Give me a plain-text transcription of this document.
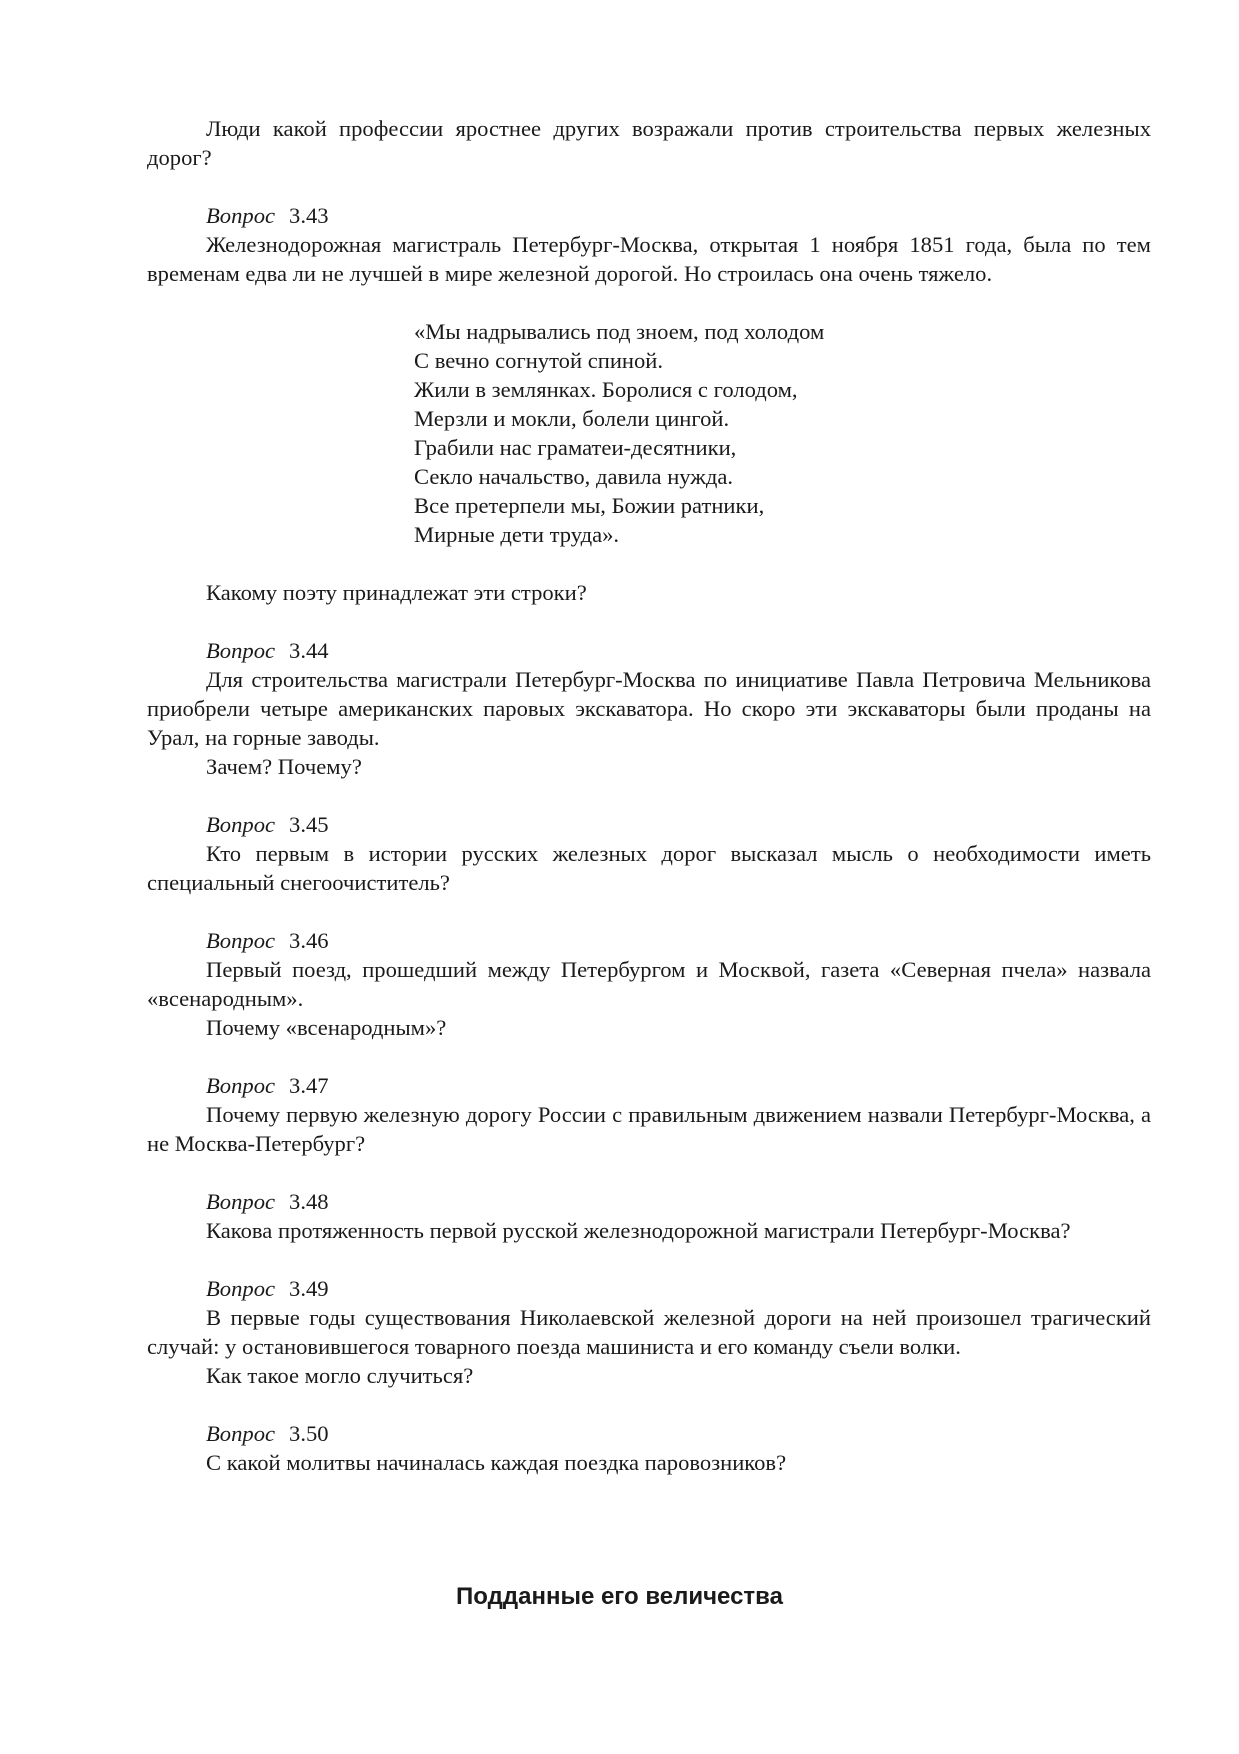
Люди какой профессии яростнее других возражали против строительства первых железных дорог?

Вопрос 3.43

Железнодорожная магистраль Петербург-Москва, открытая 1 ноября 1851 года, была по тем временам едва ли не лучшей в мире железной дорогой. Но строилась она очень тяжело.

«Мы надрывались под зноем, под холодом

С вечно согнутой спиной.

Жили в землянках. Боролися с голодом,

Мерзли и мокли, болели цингой.

Грабили нас граматеи-десятники,

Секло начальство, давила нужда.

Все претерпели мы, Божии ратники,

Мирные дети труда».

Какому поэту принадлежат эти строки?

Вопрос 3.44

Для строительства магистрали Петербург-Москва по инициативе Павла Петровича Мельникова приобрели четыре американских паровых экскаватора. Но скоро эти экскаваторы были проданы на Урал, на горные заводы.

Зачем? Почему?

Вопрос 3.45

Кто первым в истории русских железных дорог высказал мысль о необходимости иметь специальный снегоочиститель?

Вопрос 3.46

Первый поезд, прошедший между Петербургом и Москвой, газета «Северная пчела» назвала «всенародным».

Почему «всенародным»?

Вопрос 3.47

Почему первую железную дорогу России с правильным движением назвали Петербург-Москва, а не Москва-Петербург?

Вопрос 3.48

Какова протяженность первой русской железнодорожной магистрали Петербург-Москва?

Вопрос 3.49

В первые годы существования Николаевской железной дороги на ней произошел трагический случай: у остановившегося товарного поезда машиниста и его команду съели волки.

Как такое могло случиться?

Вопрос 3.50

С какой молитвы начиналась каждая поездка паровозников?

Подданные его величества
